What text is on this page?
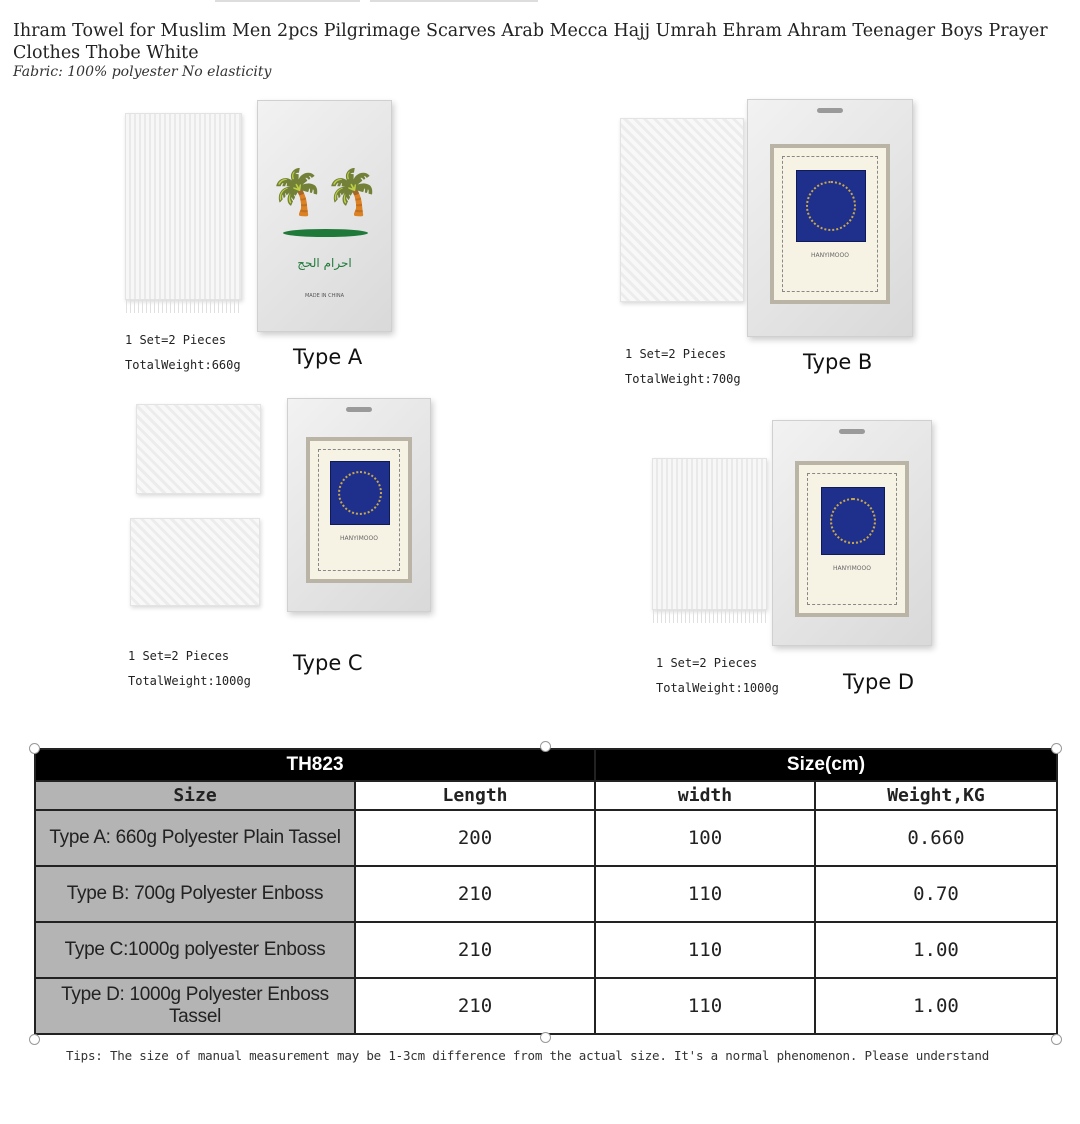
Ihram Towel for Muslim Men 2pcs Pilgrimage Scarves Arab Mecca Hajj Umrah Ehram Ahram Teenager Boys Prayer Clothes Thobe White
Fabric: 100% polyester No elasticity
🌴🌴
ﺍﺣﺮﺍﻡ ﺍﻟﺤﺞ
MADE IN CHINA
1 Set=2 Pieces
TotalWeight:660g Type A
HANYIMOOO
1 Set=2 Pieces
TotalWeight:700g
Type B
HANYIMOOO
1 Set=2 Pieces
TotalWeight:1000g
Type C
HANYIMOOO
1 Set=2 Pieces
TotalWeight:1000g	Type D
TH823		Size(cm)	
Size	Length	width	Weight,KG
Type A: 660g Polyester Plain Tassel	200	100	0.660
Type B: 700g Polyester Enboss	210	110	0.70
Type C:1000g polyester Enboss	210	110	1.00
Type D: 1000g Polyester Enboss Tassel	210	110	1.00
Tips: The size of manual measurement may be 1-3cm difference from the actual size. It's a normal phenomenon. Please understand
